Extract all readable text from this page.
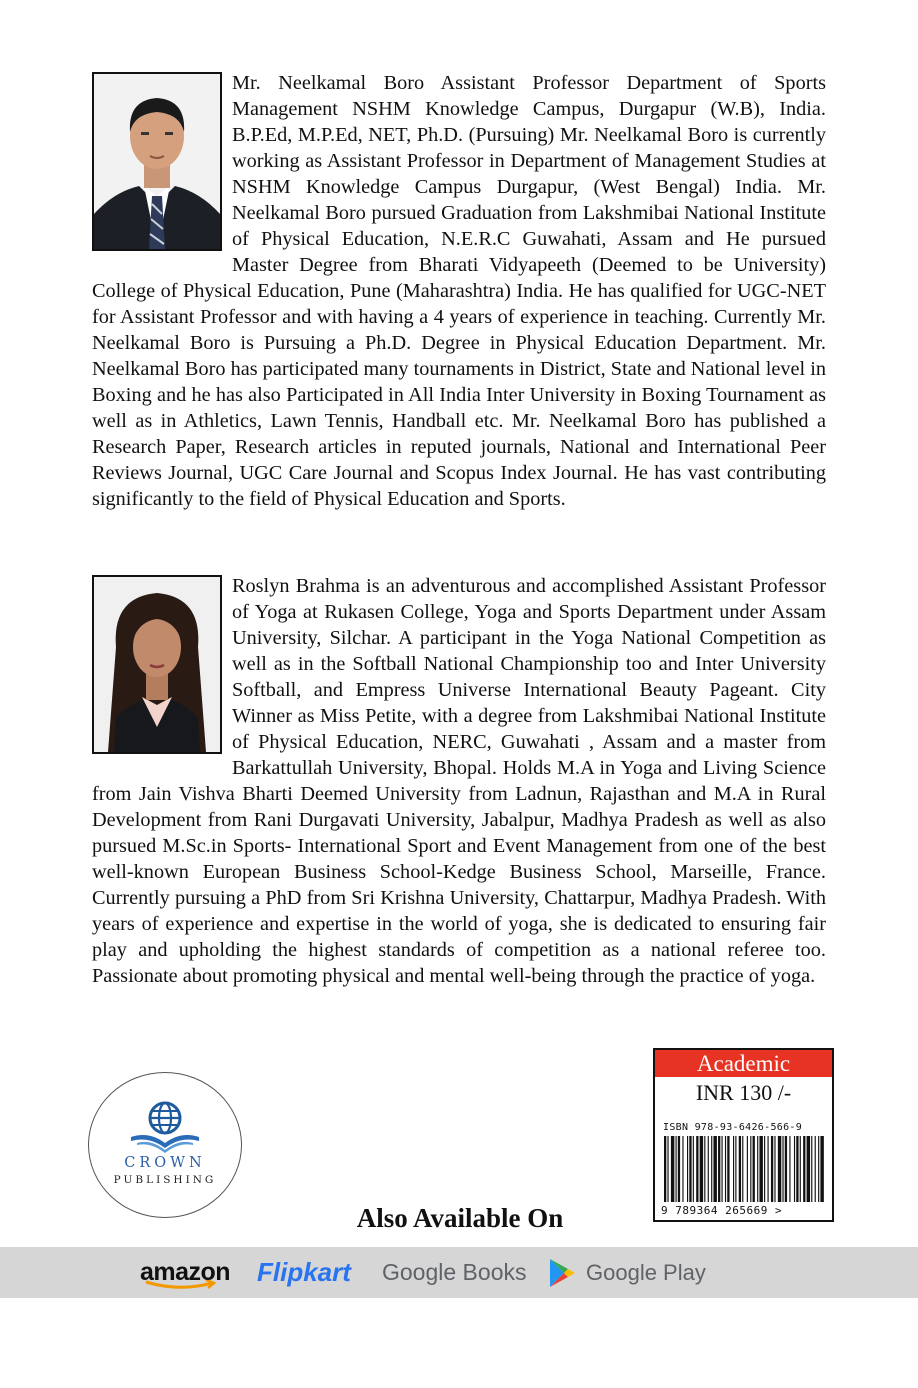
Mr. Neelkamal Boro Assistant Professor Department of Sports Management NSHM Knowledge Campus, Durgapur (W.B), India. B.P.Ed, M.P.Ed, NET, Ph.D. (Pursuing) Mr. Neelkamal Boro is currently working as Assistant Professor in Department of Management Studies at NSHM Knowledge Campus Durgapur, (West Bengal) India. Mr. Neelkamal Boro pursued Graduation from Lakshmibai National Institute of Physical Education, N.E.R.C Guwahati, Assam and He pursued Master Degree from Bharati Vidyapeeth (Deemed to be University) College of Physical Education, Pune (Maharashtra) India. He has qualified for UGC-NET for Assistant Professor and with having a 4 years of experience in teaching. Currently Mr. Neelkamal Boro is Pursuing a Ph.D. Degree in Physical Education Department. Mr. Neelkamal Boro has participated many tournaments in District, State and National level in Boxing and he has also Participated in All India Inter University in Boxing Tournament as well as in Athletics, Lawn Tennis, Handball etc. Mr. Neelkamal Boro has published a Research Paper, Research articles in reputed journals, National and International Peer Reviews Journal, UGC Care Journal and Scopus Index Journal. He has vast contributing significantly to the field of Physical Education and Sports.

Roslyn Brahma is an adventurous and accomplished Assistant Professor of Yoga at Rukasen College, Yoga and Sports Department under Assam University, Silchar. A participant in the Yoga National Competition as well as in the Softball National Championship too and Inter University Softball, and Empress Universe International Beauty Pageant. City Winner as Miss Petite, with a degree from Lakshmibai National Institute of Physical Education, NERC, Guwahati , Assam and a master from Barkattullah University, Bhopal. Holds M.A in Yoga and Living Science from Jain Vishva Bharti Deemed University from Ladnun, Rajasthan and M.A in Rural Development from Rani Durgavati University, Jabalpur, Madhya Pradesh as well as also pursued M.Sc.in Sports- International Sport and Event Management from one of the best well-known European Business School-Kedge Business School, Marseille, France. Currently pursuing a PhD from Sri Krishna University, Chattarpur, Madhya Pradesh. With years of experience and expertise in the world of yoga, she is dedicated to ensuring fair play and upholding the highest standards of competition as a national referee too. Passionate about promoting physical and mental well-being through the practice of yoga.

CROWN
PUBLISHING
Academic
INR 130 /-
ISBN 978-93-6426-566-9
9 789364 265669 >
Also Available On
amazon Flipkart Google Books	Google Play
